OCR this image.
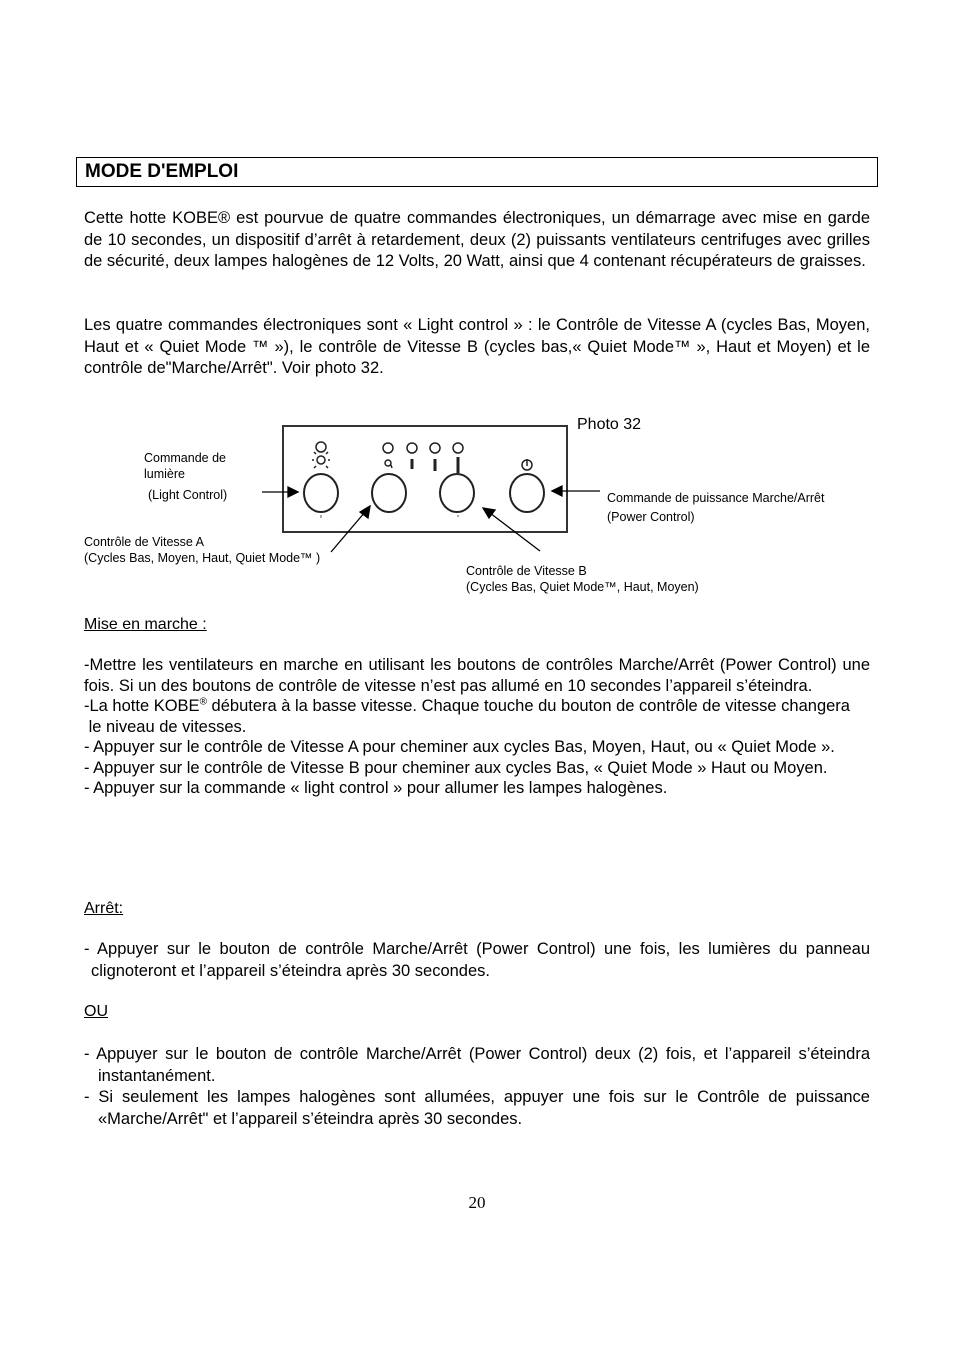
MODE D'EMPLOI

Cette hotte KOBE® est pourvue de quatre commandes électroniques, un démarrage avec mise en garde de 10 secondes, un dispositif d’arrêt à retardement, deux (2) puissants ventilateurs centrifuges avec grilles de sécurité, deux lampes halogènes de 12 Volts, 20 Watt, ainsi que 4 contenant récupérateurs de graisses.

Les quatre commandes électroniques sont « Light control » : le Contrôle de Vitesse A (cycles Bas, Moyen, Haut et « Quiet Mode ™ »), le contrôle de Vitesse B (cycles bas,« Quiet Mode™ », Haut et Moyen) et le contrôle de"Marche/Arrêt". Voir photo 32.

Photo 32
Commande de
lumière
(Light Control)	Commande de puissance Marche/Arrêt
(Power Control)
Contrôle de Vitesse A
(Cycles Bas, Moyen, Haut, Quiet Mode™ )
Contrôle de Vitesse B
(Cycles Bas, Quiet Mode™, Haut, Moyen)
Mise en marche :

-Mettre les ventilateurs en marche en utilisant les boutons de contrôles Marche/Arrêt (Power Control) une fois. Si un des boutons de contrôle de vitesse n’est pas allumé en 10 secondes l’appareil s’éteindra.

-La hotte KOBE® débutera à la basse vitesse. Chaque touche du bouton de contrôle de vitesse changera

le niveau de vitesses.

- Appuyer sur le contrôle de Vitesse A pour cheminer aux cycles Bas, Moyen, Haut, ou « Quiet Mode ».

- Appuyer sur le contrôle de Vitesse B pour cheminer aux cycles Bas, « Quiet Mode » Haut ou Moyen.

- Appuyer sur la commande « light control » pour allumer les lampes halogènes.

Arrêt:

- Appuyer sur le bouton de contrôle Marche/Arrêt (Power Control) une fois, les lumières du panneau clignoteront et l’appareil s’éteindra après 30 secondes.

OU

- Appuyer sur le bouton de contrôle Marche/Arrêt (Power Control) deux (2) fois, et l’appareil s’éteindra instantanément.

- Si seulement les lampes halogènes sont allumées, appuyer une fois sur le Contrôle de puissance «Marche/Arrêt" et l’appareil s’éteindra après 30 secondes.

20
